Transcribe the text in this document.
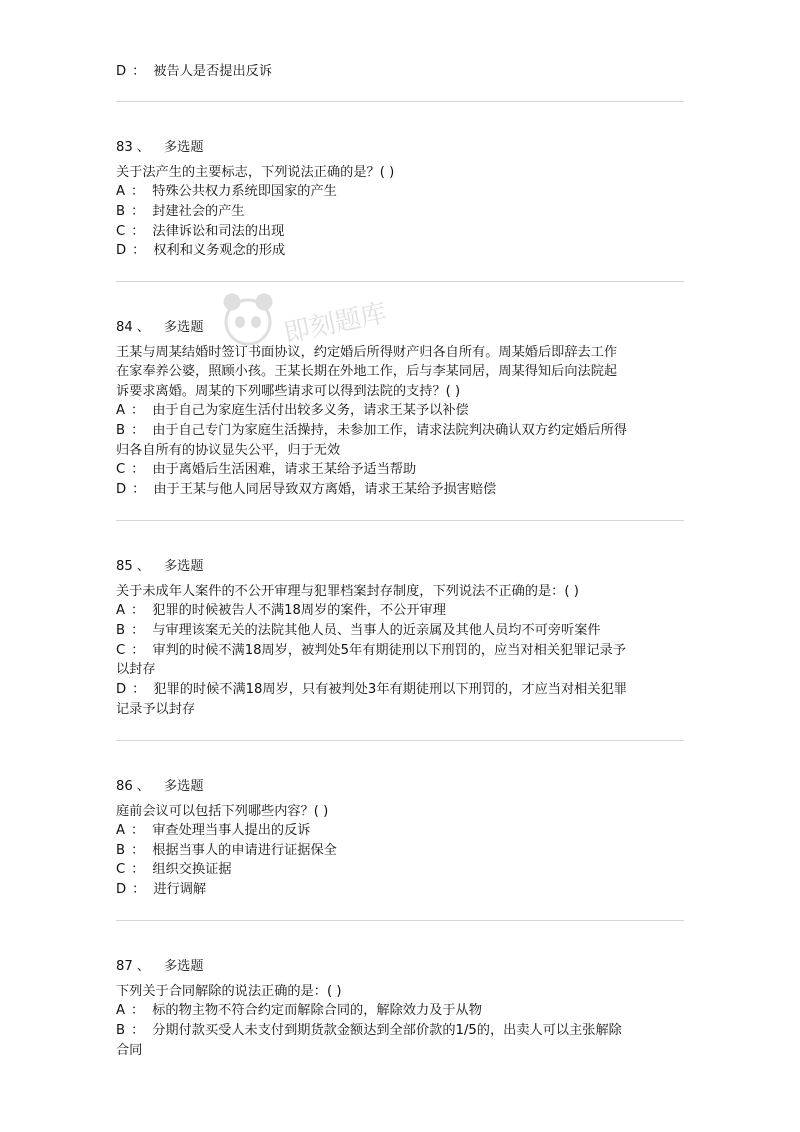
D ： 被告人是否提出反诉
83 、 多选题
关于法产生的主要标志，下列说法正确的是？( )
A ： 特殊公共权力系统即国家的产生
B ： 封建社会的产生
C ： 法律诉讼和司法的出现
D ： 权利和义务观念的形成
84 、 多选题
王某与周某结婚时签订书面协议，约定婚后所得财产归各自所有。周某婚后即辞去工作
在家奉养公婆，照顾小孩。王某长期在外地工作，后与李某同居，周某得知后向法院起
诉要求离婚。周某的下列哪些请求可以得到法院的支持？( )
A ： 由于自己为家庭生活付出较多义务，请求王某予以补偿
B ： 由于自己专门为家庭生活操持，未参加工作，请求法院判决确认双方约定婚后所得
归各自所有的协议显失公平，归于无效
C ： 由于离婚后生活困难，请求王某给予适当帮助
D ： 由于王某与他人同居导致双方离婚，请求王某给予损害赔偿
85 、 多选题
关于未成年人案件的不公开审理与犯罪档案封存制度，下列说法不正确的是：( )
A ： 犯罪的时候被告人不满18周岁的案件，不公开审理
B ： 与审理该案无关的法院其他人员、当事人的近亲属及其他人员均不可旁听案件
C ： 审判的时候不满18周岁，被判处5年有期徒刑以下刑罚的，应当对相关犯罪记录予
以封存
D ： 犯罪的时候不满18周岁，只有被判处3年有期徒刑以下刑罚的，才应当对相关犯罪
记录予以封存
86 、 多选题
庭前会议可以包括下列哪些内容？( )
A ： 审查处理当事人提出的反诉
B ： 根据当事人的申请进行证据保全
C ： 组织交换证据
D ： 进行调解
87 、 多选题
下列关于合同解除的说法正确的是：( )
A ： 标的物主物不符合约定而解除合同的，解除效力及于从物
B ： 分期付款买受人未支付到期货款金额达到全部价款的1/5的，出卖人可以主张解除
合同
即刻题库
